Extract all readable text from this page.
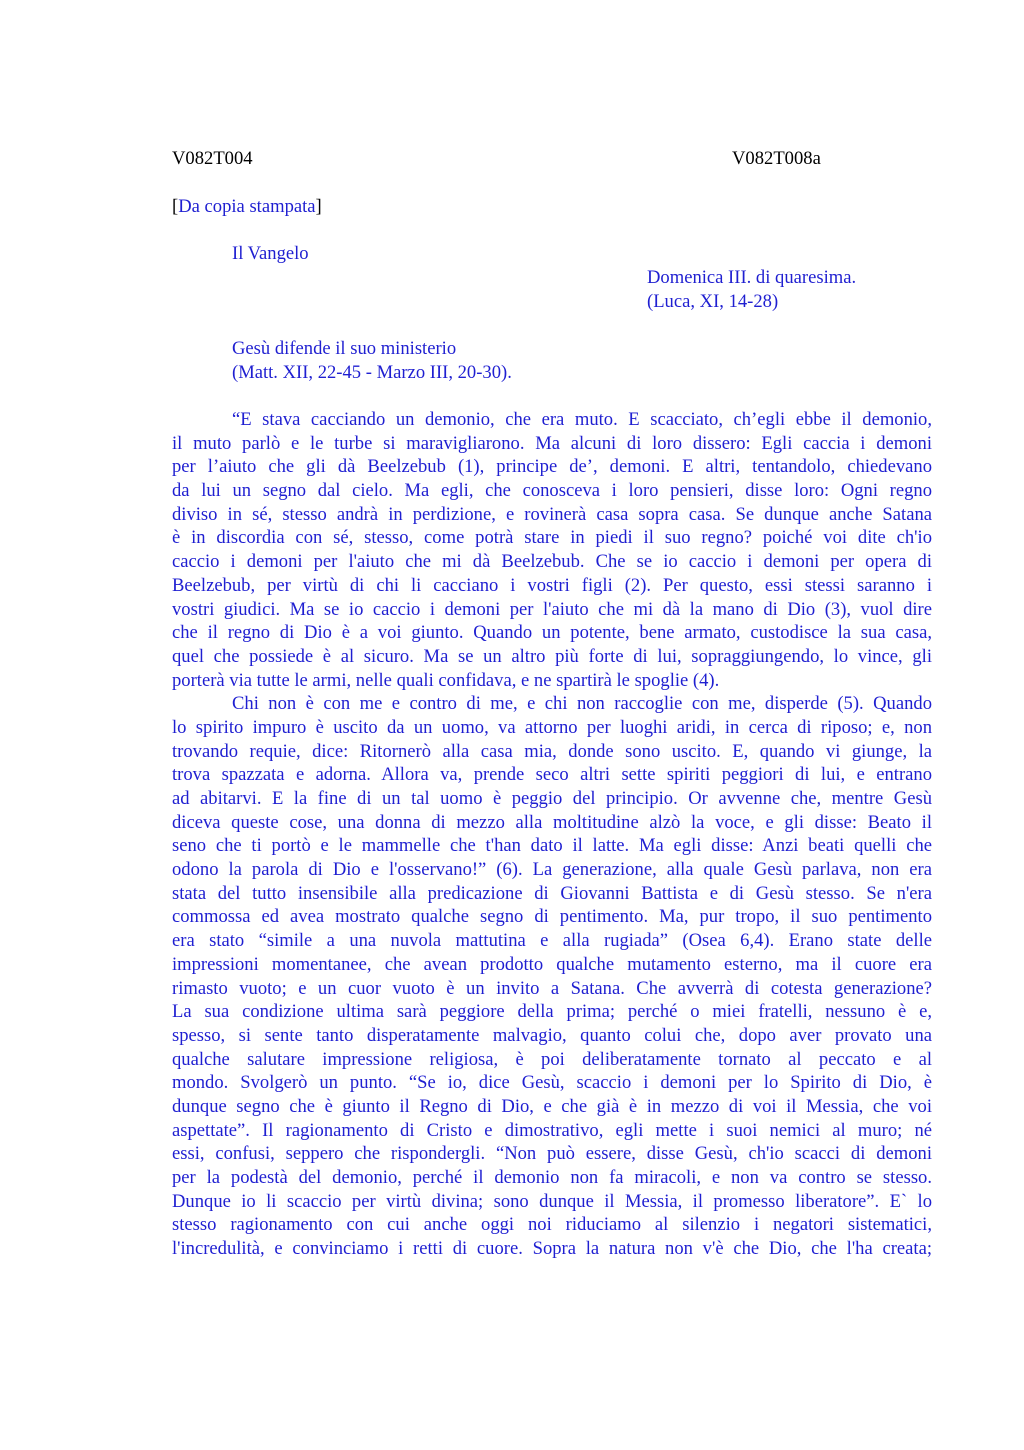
V082T004	V082T008a
[Da copia stampata]
Il Vangelo
Domenica III. di quaresima.
(Luca, XI, 14-28)
Gesù difende il suo ministerio
(Matt. XII, 22-45 - Marzo III, 20-30).
“E stava cacciando un demonio, che era muto. E scacciato, ch’egli ebbe il demonio,
il muto parlò e le turbe si maravigliarono. Ma alcuni di loro dissero: Egli caccia i demoni
per l’aiuto che gli dà Beelzebub (1), principe de’, demoni. E altri, tentandolo, chiedevano
da lui un segno dal cielo. Ma egli, che conosceva i loro pensieri, disse loro: Ogni regno
diviso in sé, stesso andrà in perdizione, e rovinerà casa sopra casa. Se dunque anche Satana
è in discordia con sé, stesso, come potrà stare in piedi il suo regno? poiché voi dite ch'io
caccio i demoni per l'aiuto che mi dà Beelzebub. Che se io caccio i demoni per opera di
Beelzebub, per virtù di chi li cacciano i vostri figli (2). Per questo, essi stessi saranno i
vostri giudici. Ma se io caccio i demoni per l'aiuto che mi dà la mano di Dio (3), vuol dire
che il regno di Dio è a voi giunto. Quando un potente, bene armato, custodisce la sua casa,
quel che possiede è al sicuro. Ma se un altro più forte di lui, sopraggiungendo, lo vince, gli
porterà via tutte le armi, nelle quali confidava, e ne spartirà le spoglie (4).
Chi non è con me e contro di me, e chi non raccoglie con me, disperde (5). Quando
lo spirito impuro è uscito da un uomo, va attorno per luoghi aridi, in cerca di riposo; e, non
trovando requie, dice: Ritornerò alla casa mia, donde sono uscito. E, quando vi giunge, la
trova spazzata e adorna. Allora va, prende seco altri sette spiriti peggiori di lui, e entrano
ad abitarvi. E la fine di un tal uomo è peggio del principio. Or avvenne che, mentre Gesù
diceva queste cose, una donna di mezzo alla moltitudine alzò la voce, e gli disse: Beato il
seno che ti portò e le mammelle che t'han dato il latte. Ma egli disse: Anzi beati quelli che
odono la parola di Dio e l'osservano!” (6). La generazione, alla quale Gesù parlava, non era
stata del tutto insensibile alla predicazione di Giovanni Battista e di Gesù stesso. Se n'era
commossa ed avea mostrato qualche segno di pentimento. Ma, pur tropo, il suo pentimento
era stato “simile a una nuvola mattutina e alla rugiada” (Osea 6,4). Erano state delle
impressioni momentanee, che avean prodotto qualche mutamento esterno, ma il cuore era
rimasto vuoto; e un cuor vuoto è un invito a Satana. Che avverrà di cotesta generazione?
La sua condizione ultima sarà peggiore della prima; perché o miei fratelli, nessuno è e,
spesso, si sente tanto disperatamente malvagio, quanto colui che, dopo aver provato una
qualche salutare impressione religiosa, è poi deliberatamente tornato al peccato e al
mondo. Svolgerò un punto. “Se io, dice Gesù, scaccio i demoni per lo Spirito di Dio, è
dunque segno che è giunto il Regno di Dio, e che già è in mezzo di voi il Messia, che voi
aspettate”. Il ragionamento di Cristo e dimostrativo, egli mette i suoi nemici al muro; né
essi, confusi, seppero che rispondergli. “Non può essere, disse Gesù, ch'io scacci di demoni
per la podestà del demonio, perché il demonio non fa miracoli, e non va contro se stesso.
Dunque io li scaccio per virtù divina; sono dunque il Messia, il promesso liberatore”. E` lo
stesso ragionamento con cui anche oggi noi riduciamo al silenzio i negatori sistematici,
l'incredulità, e convinciamo i retti di cuore. Sopra la natura non v'è che Dio, che l'ha creata;
